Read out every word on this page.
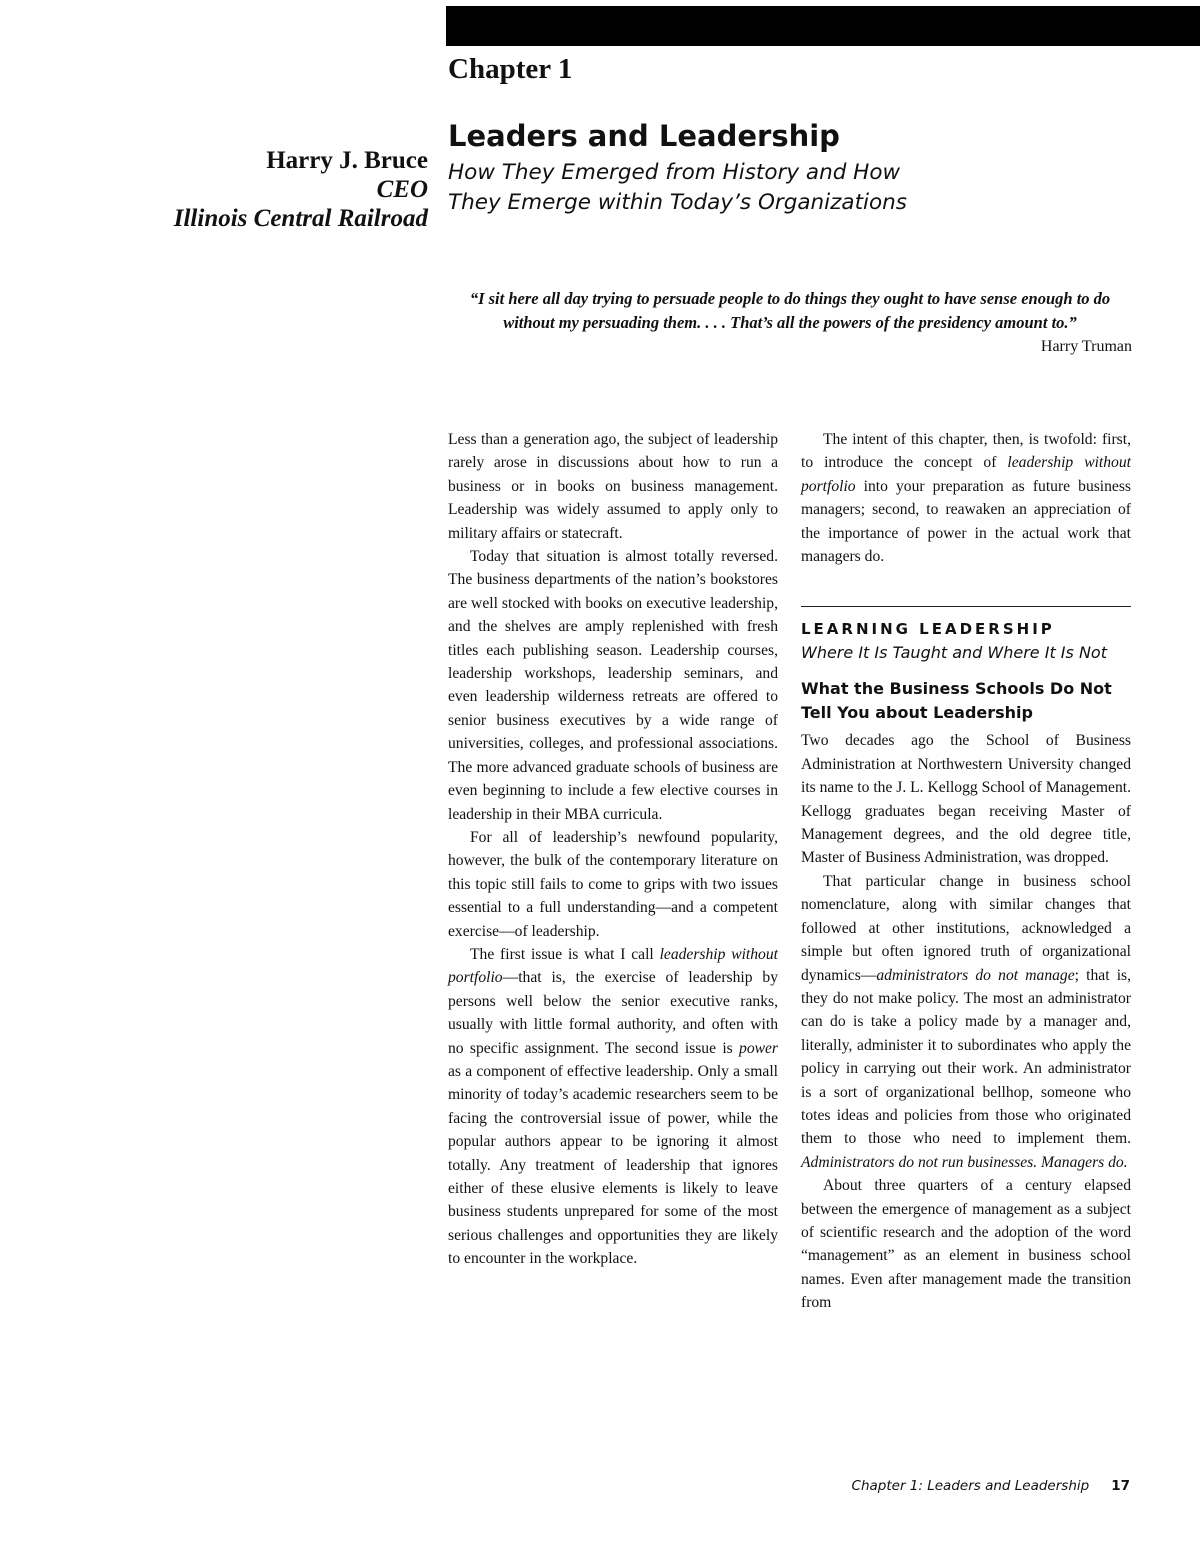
Chapter 1
Harry J. Bruce
CEO
Illinois Central Railroad
Leaders and Leadership

How They Emerged from History and How They Emerge within Today’s Organizations

“I sit here all day trying to persuade people to do things they ought to have sense enough to do without my persuading them. . . . That’s all the powers of the presidency amount to.”

Harry Truman

Less than a generation ago, the subject of leadership rarely arose in discussions about how to run a business or in books on business management. Leadership was widely assumed to apply only to military affairs or statecraft.

Today that situation is almost totally reversed. The business departments of the nation’s bookstores are well stocked with books on executive leadership, and the shelves are amply replenished with fresh titles each publishing season. Leadership courses, leadership workshops, leadership seminars, and even leadership wilderness retreats are offered to senior business executives by a wide range of universities, colleges, and professional associations. The more advanced graduate schools of business are even beginning to include a few elective courses in leadership in their MBA curricula.

For all of leadership’s newfound popularity, however, the bulk of the contemporary literature on this topic still fails to come to grips with two issues essential to a full understanding—and a competent exercise—of leadership.

The first issue is what I call leadership without portfolio—that is, the exercise of leadership by persons well below the senior executive ranks, usually with little formal authority, and often with no specific assignment. The second issue is power as a component of effective leadership. Only a small minority of today’s academic researchers seem to be facing the controversial issue of power, while the popular authors appear to be ignoring it almost totally. Any treatment of leadership that ignores either of these elusive elements is likely to leave business students unprepared for some of the most serious challenges and opportunities they are likely to encounter in the workplace.

The intent of this chapter, then, is twofold: first, to introduce the concept of leadership without portfolio into your preparation as future business managers; second, to reawaken an appreciation of the importance of power in the actual work that managers do.

LEARNING LEADERSHIP
Where It Is Taught and Where It Is Not
What the Business Schools Do Not Tell You about Leadership

Two decades ago the School of Business Administration at Northwestern University changed its name to the J. L. Kellogg School of Management. Kellogg graduates began receiving Master of Management degrees, and the old degree title, Master of Business Administration, was dropped.

That particular change in business school nomenclature, along with similar changes that followed at other institutions, acknowledged a simple but often ignored truth of organizational dynamics—administrators do not manage; that is, they do not make policy. The most an administrator can do is take a policy made by a manager and, literally, administer it to subordinates who apply the policy in carrying out their work. An administrator is a sort of organizational bellhop, someone who totes ideas and policies from those who originated them to those who need to implement them. Administrators do not run businesses. Managers do.

About three quarters of a century elapsed between the emergence of management as a subject of scientific research and the adoption of the word “management” as an element in business school names. Even after management made the transition from

Chapter 1: Leaders and Leadership 17
